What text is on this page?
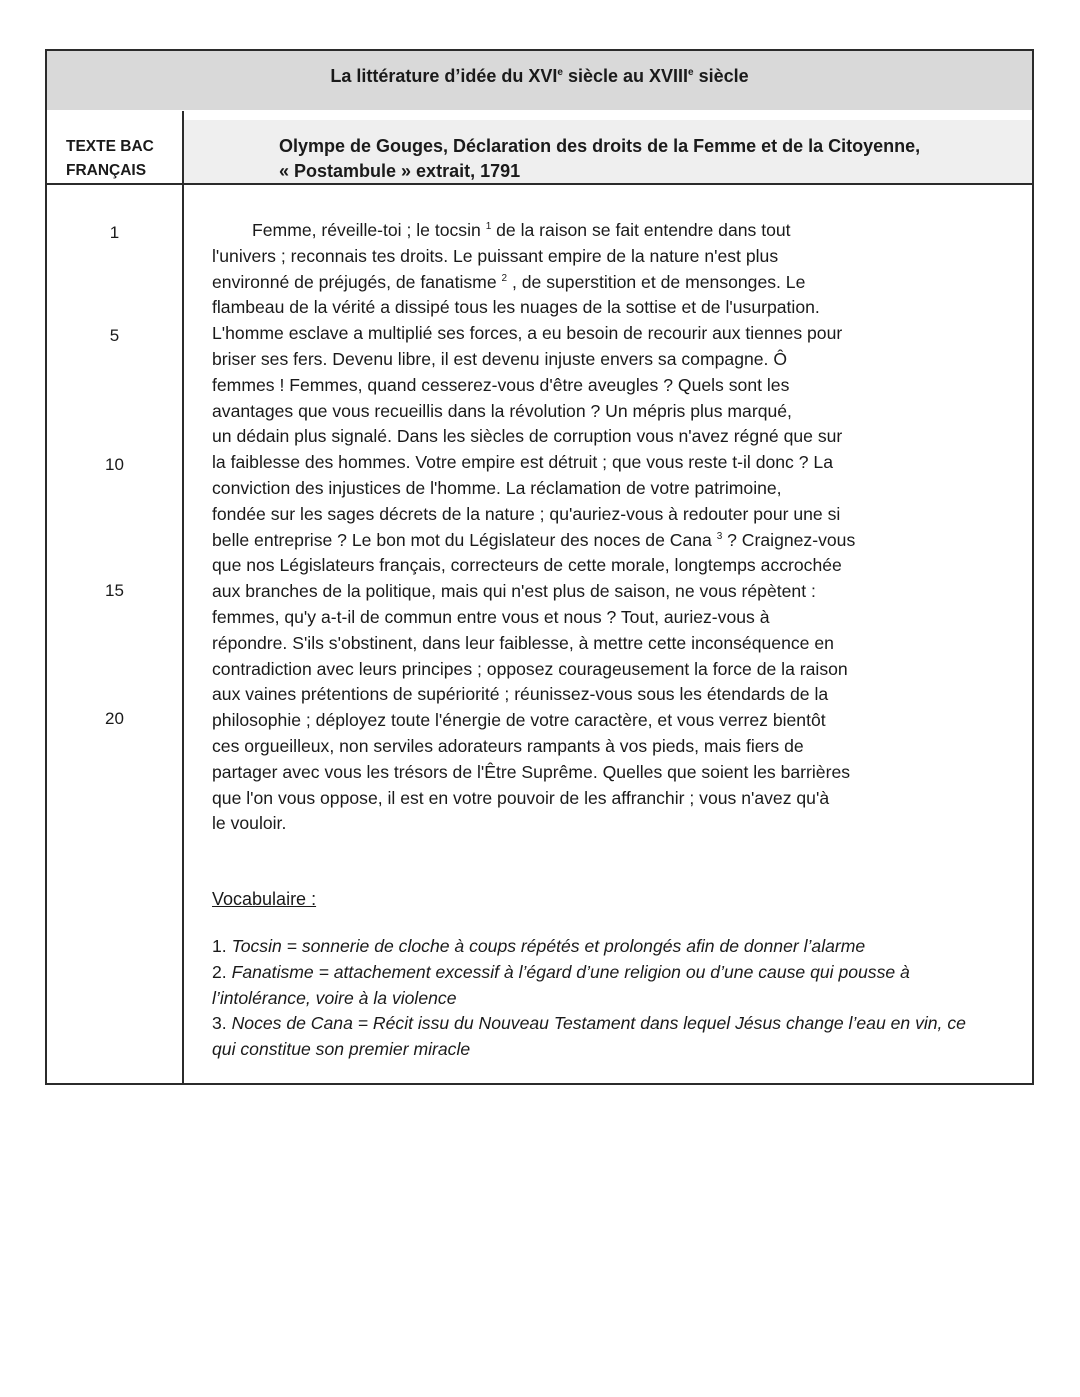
La littérature d’idée du XVIe siècle au XVIIIe siècle
TEXTE BAC
FRANÇAIS
Olympe de Gouges, Déclaration des droits de la Femme et de la Citoyenne,
« Postambule » extrait, 1791
1
5
10
15
20
Femme, réveille-toi ; le tocsin $^1$ de la raison se fait entendre dans tout
l'univers ; reconnais tes droits. Le puissant empire de la nature n'est plus
environné de préjugés, de fanatisme $^2$ , de superstition et de mensonges. Le
flambeau de la vérité a dissipé tous les nuages de la sottise et de l'usurpation.
L'homme esclave a multiplié ses forces, a eu besoin de recourir aux tiennes pour
briser ses fers. Devenu libre, il est devenu injuste envers sa compagne. Ô
femmes ! Femmes, quand cesserez-vous d'être aveugles ? Quels sont les
avantages que vous recueillis dans la révolution ? Un mépris plus marqué,
un dédain plus signalé. Dans les siècles de corruption vous n'avez régné que sur
la faiblesse des hommes. Votre empire est détruit ; que vous reste t-il donc ? La
conviction des injustices de l'homme. La réclamation de votre patrimoine,
fondée sur les sages décrets de la nature ; qu'auriez-vous à redouter pour une si
belle entreprise ? Le bon mot du Législateur des noces de Cana $^3$ ? Craignez-vous
que nos Législateurs français, correcteurs de cette morale, longtemps accrochée
aux branches de la politique, mais qui n'est plus de saison, ne vous répètent :
femmes, qu'y a-t-il de commun entre vous et nous ? Tout, auriez-vous à
répondre. S'ils s'obstinent, dans leur faiblesse, à mettre cette inconséquence en
contradiction avec leurs principes ; opposez courageusement la force de la raison
aux vaines prétentions de supériorité ; réunissez-vous sous les étendards de la
philosophie ; déployez toute l'énergie de votre caractère, et vous verrez bientôt
ces orgueilleux, non serviles adorateurs rampants à vos pieds, mais fiers de
partager avec vous les trésors de l'Être Suprême. Quelles que soient les barrières
que l'on vous oppose, il est en votre pouvoir de les affranchir ; vous n'avez qu'à
le vouloir.
Vocabulaire :
1. Tocsin = sonnerie de cloche à coups répétés et prolongés afin de donner l’alarme
2. Fanatisme = attachement excessif à l’égard d’une religion ou d’une cause qui pousse à
l’intolérance, voire à la violence
3. Noces de Cana = Récit issu du Nouveau Testament dans lequel Jésus change l’eau en vin, ce
qui constitue son premier miracle
